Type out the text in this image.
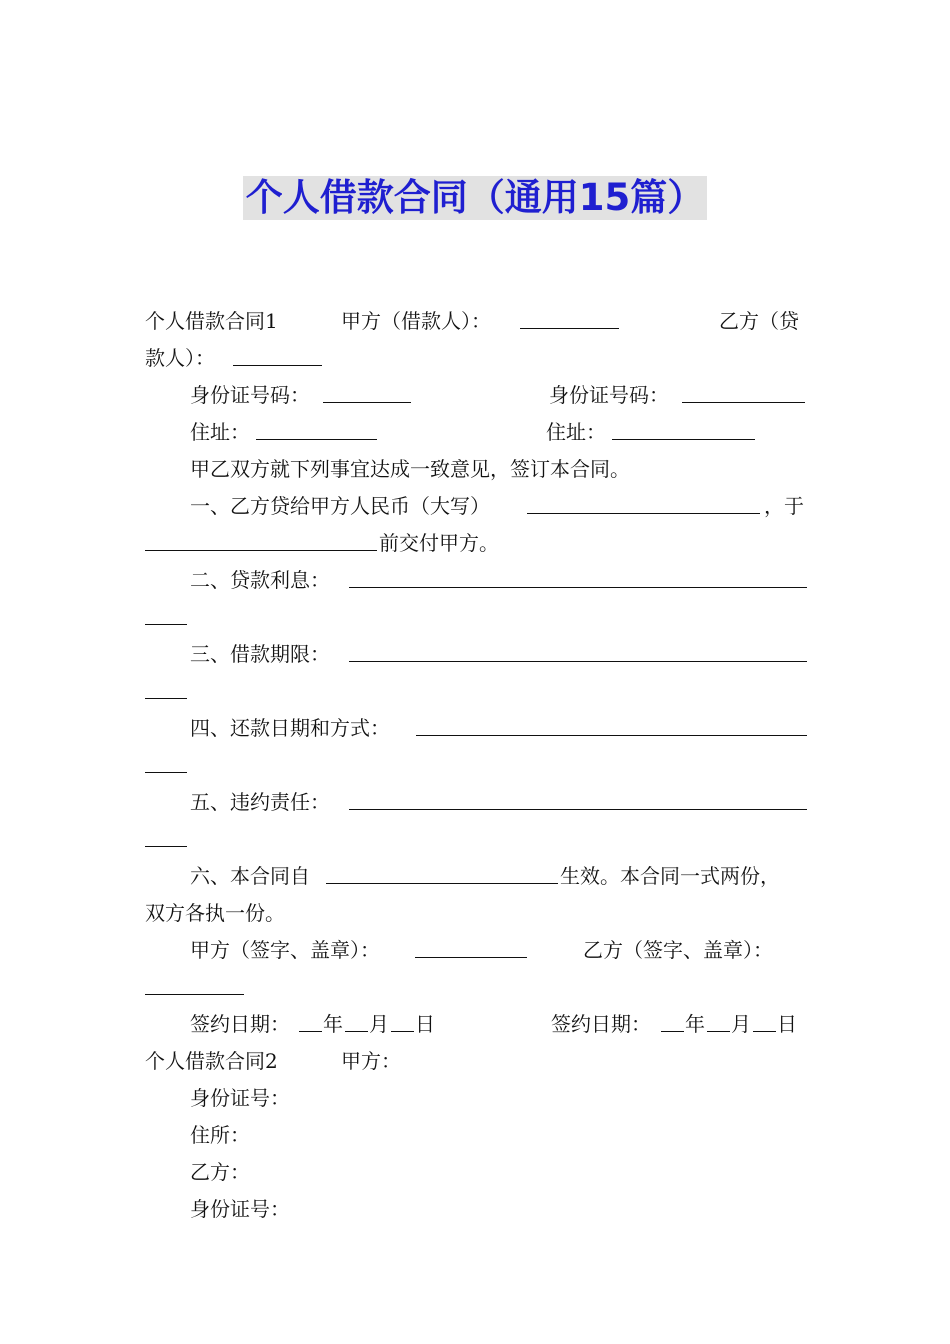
个人借款合同（通用15篇）
个人借款合同1	甲方（借款人）：	乙方（贷
款人）：
身份证号码：	身份证号码：
住址：	住址：
甲乙双方就下列事宜达成一致意见，签订本合同。
一、乙方贷给甲方人民币（大写）	，于
前交付甲方。
二、贷款利息：
三、借款期限：
四、还款日期和方式：
五、违约责任：
六、本合同自	生效。本合同一式两份，
双方各执一份。
甲方（签字、盖章）：	乙方（签字、盖章）：
签约日期： 年 月 日	签约日期： 年 月 日
个人借款合同2	甲方：
身份证号：
住所：
乙方：
身份证号：
